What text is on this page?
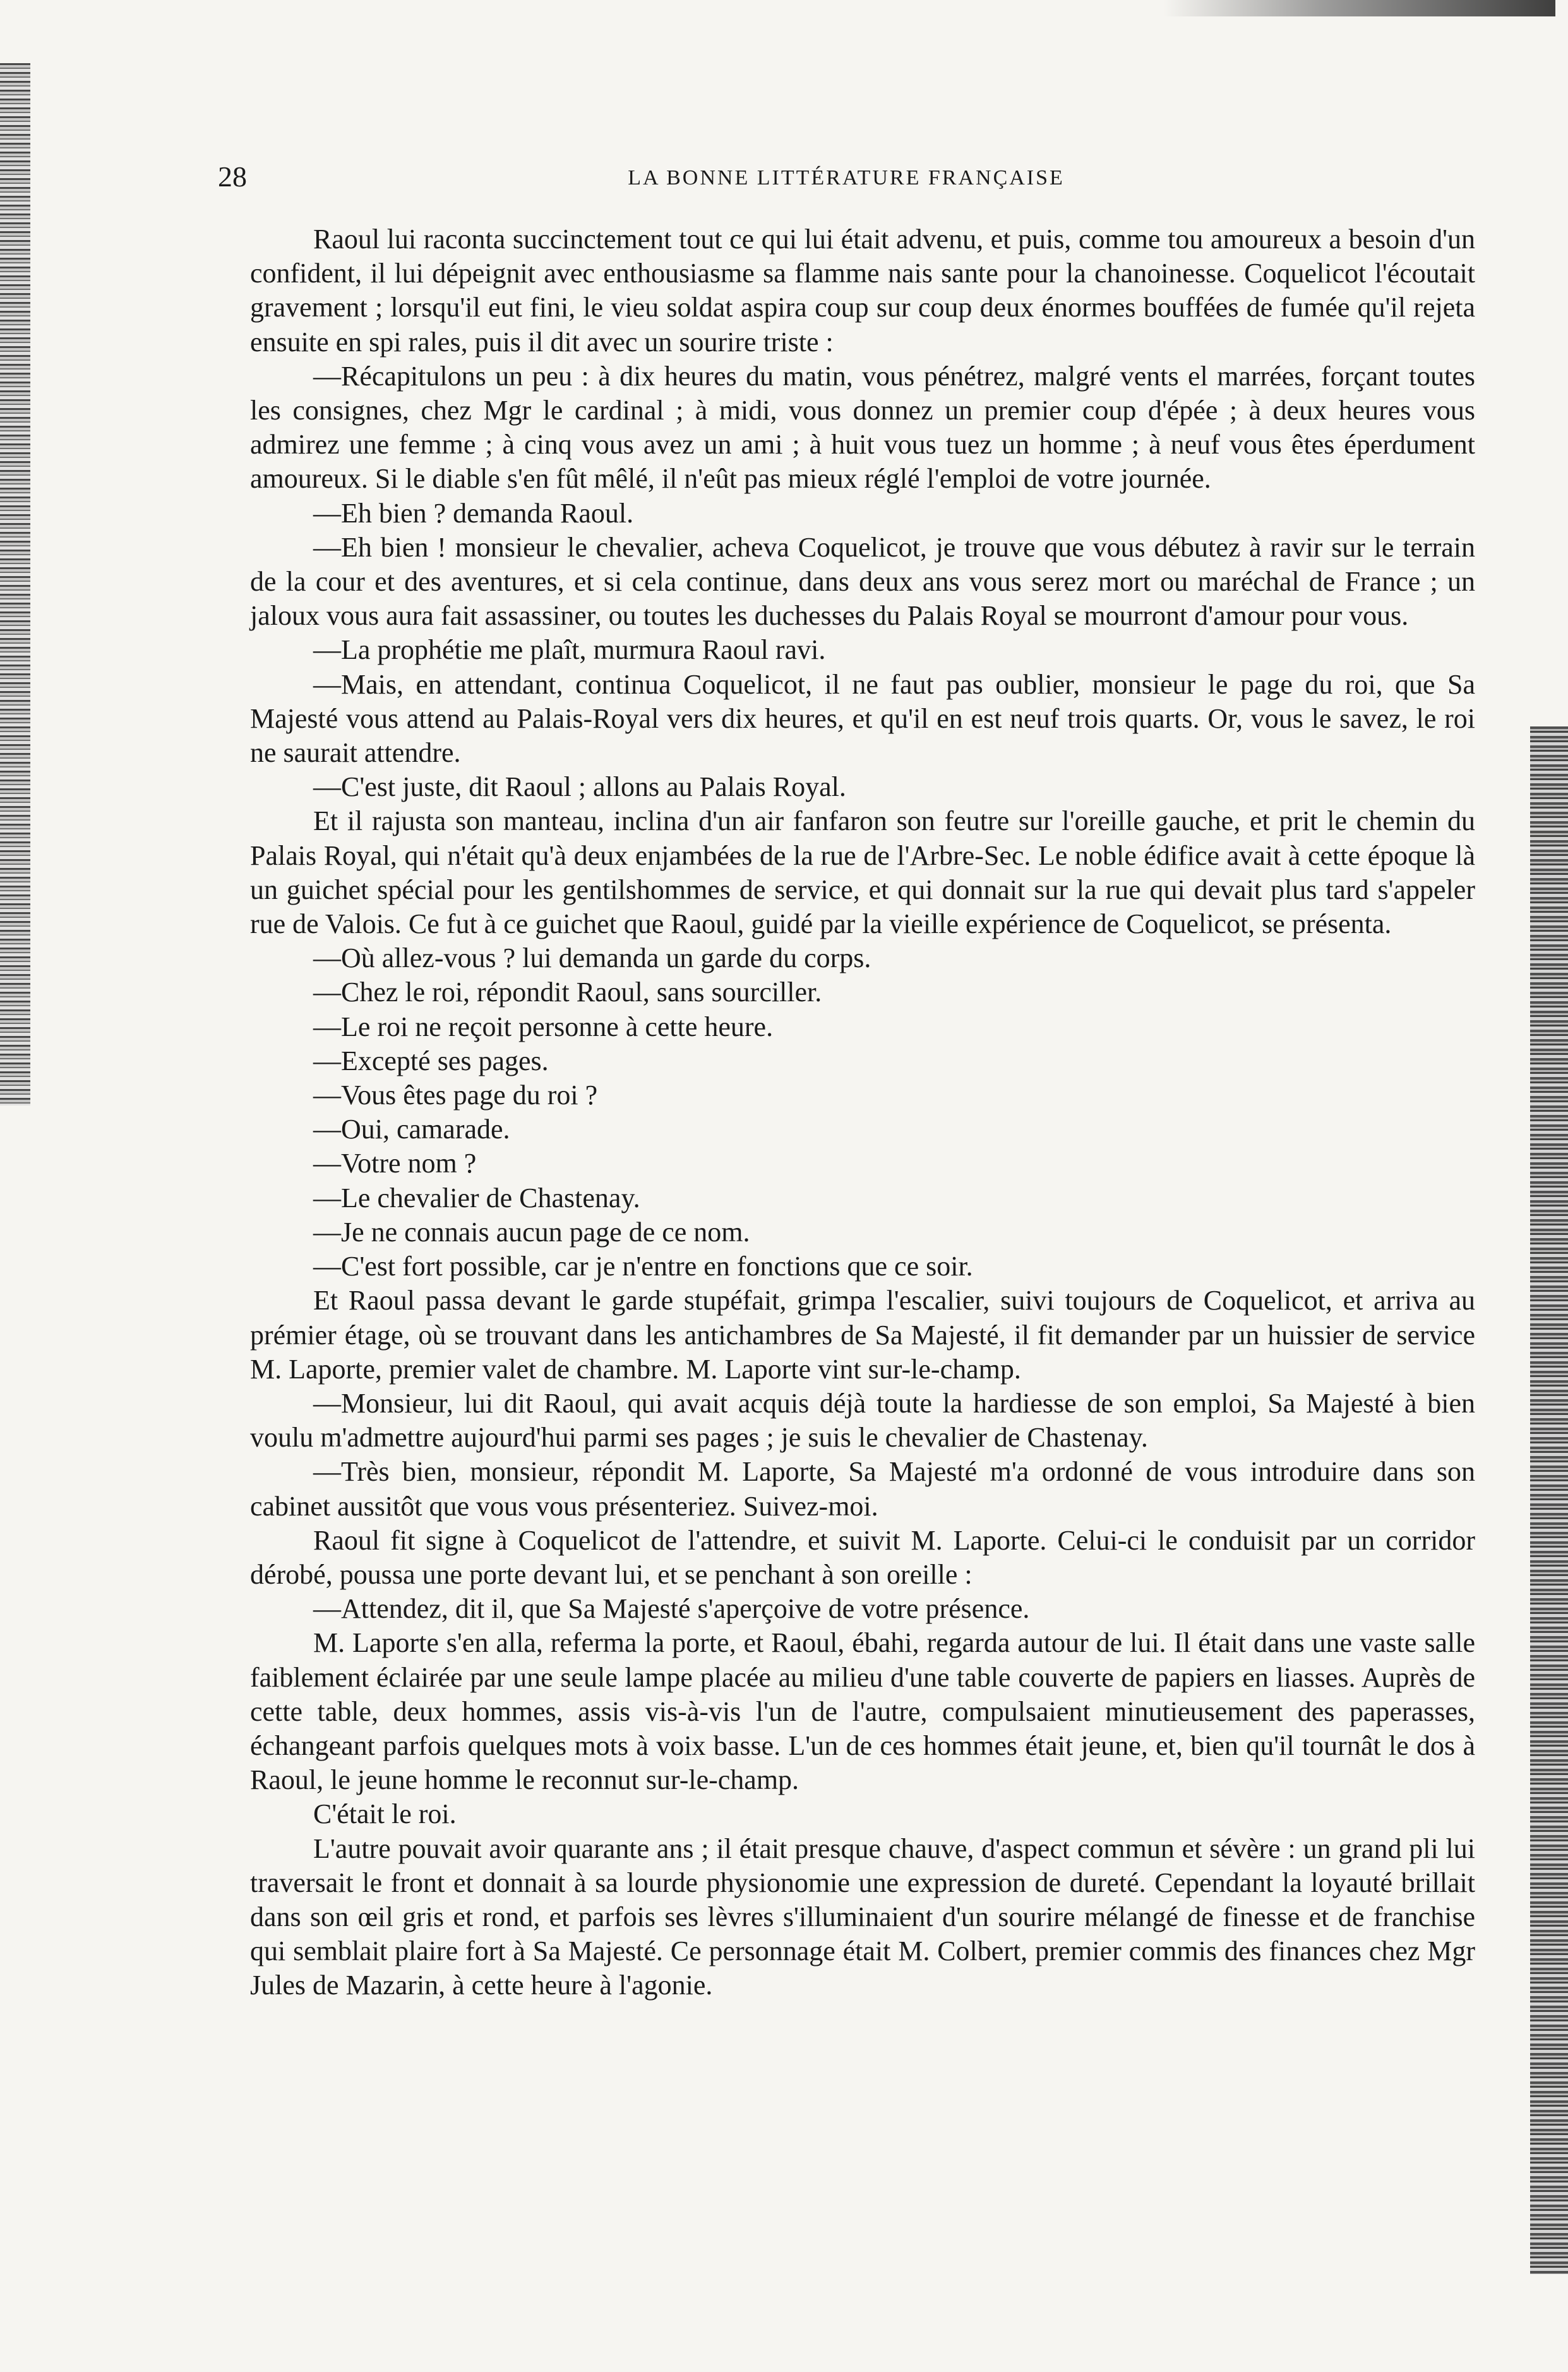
28	LA BONNE LITTÉRATURE FRANÇAISE

Raoul lui raconta succinctement tout ce qui lui était advenu, et puis, comme tou amoureux a besoin d'un confident, il lui dépeignit avec enthousiasme sa flamme nais sante pour la chanoinesse. Coquelicot l'écoutait gravement ; lorsqu'il eut fini, le vieu soldat aspira coup sur coup deux énormes bouffées de fumée qu'il rejeta ensuite en spi rales, puis il dit avec un sourire triste :

—Récapitulons un peu : à dix heures du matin, vous pénétrez, malgré vents el marrées, forçant toutes les consignes, chez Mgr le cardinal ; à midi, vous donnez un premier coup d'épée ; à deux heures vous admirez une femme ; à cinq vous avez un ami ; à huit vous tuez un homme ; à neuf vous êtes éperdument amoureux. Si le diable s'en fût mêlé, il n'eût pas mieux réglé l'emploi de votre journée.

—Eh bien ? demanda Raoul.

—Eh bien ! monsieur le chevalier, acheva Coquelicot, je trouve que vous débutez à ravir sur le terrain de la cour et des aventures, et si cela continue, dans deux ans vous serez mort ou maréchal de France ; un jaloux vous aura fait assassiner, ou toutes les duchesses du Palais Royal se mourront d'amour pour vous.

—La prophétie me plaît, murmura Raoul ravi.

—Mais, en attendant, continua Coquelicot, il ne faut pas oublier, monsieur le page du roi, que Sa Majesté vous attend au Palais-Royal vers dix heures, et qu'il en est neuf trois quarts. Or, vous le savez, le roi ne saurait attendre.

—C'est juste, dit Raoul ; allons au Palais Royal.

Et il rajusta son manteau, inclina d'un air fanfaron son feutre sur l'oreille gauche, et prit le chemin du Palais Royal, qui n'était qu'à deux enjambées de la rue de l'Arbre-Sec. Le noble édifice avait à cette époque là un guichet spécial pour les gentilshommes de service, et qui donnait sur la rue qui devait plus tard s'appeler rue de Valois. Ce fut à ce guichet que Raoul, guidé par la vieille expérience de Coquelicot, se présenta.

—Où allez-vous ? lui demanda un garde du corps.

—Chez le roi, répondit Raoul, sans sourciller.

—Le roi ne reçoit personne à cette heure.

—Excepté ses pages.

—Vous êtes page du roi ?

—Oui, camarade.

—Votre nom ?

—Le chevalier de Chastenay.

—Je ne connais aucun page de ce nom.

—C'est fort possible, car je n'entre en fonctions que ce soir.

Et Raoul passa devant le garde stupéfait, grimpa l'escalier, suivi toujours de Coquelicot, et arriva au prémier étage, où se trouvant dans les antichambres de Sa Majesté, il fit demander par un huissier de service M. Laporte, premier valet de chambre. M. Laporte vint sur-le-champ.

—Monsieur, lui dit Raoul, qui avait acquis déjà toute la hardiesse de son emploi, Sa Majesté à bien voulu m'admettre aujourd'hui parmi ses pages ; je suis le chevalier de Chastenay.

—Très bien, monsieur, répondit M. Laporte, Sa Majesté m'a ordonné de vous introduire dans son cabinet aussitôt que vous vous présenteriez. Suivez-moi.

Raoul fit signe à Coquelicot de l'attendre, et suivit M. Laporte. Celui-ci le conduisit par un corridor dérobé, poussa une porte devant lui, et se penchant à son oreille :

—Attendez, dit il, que Sa Majesté s'aperçoive de votre présence.

M. Laporte s'en alla, referma la porte, et Raoul, ébahi, regarda autour de lui. Il était dans une vaste salle faiblement éclairée par une seule lampe placée au milieu d'une table couverte de papiers en liasses. Auprès de cette table, deux hommes, assis vis-à-vis l'un de l'autre, compulsaient minutieusement des paperasses, échangeant parfois quelques mots à voix basse. L'un de ces hommes était jeune, et, bien qu'il tournât le dos à Raoul, le jeune homme le reconnut sur-le-champ.

C'était le roi.

L'autre pouvait avoir quarante ans ; il était presque chauve, d'aspect commun et sévère : un grand pli lui traversait le front et donnait à sa lourde physionomie une expression de dureté. Cependant la loyauté brillait dans son œil gris et rond, et parfois ses lèvres s'illuminaient d'un sourire mélangé de finesse et de franchise qui semblait plaire fort à Sa Majesté. Ce personnage était M. Colbert, premier commis des finances chez Mgr Jules de Mazarin, à cette heure à l'agonie.
